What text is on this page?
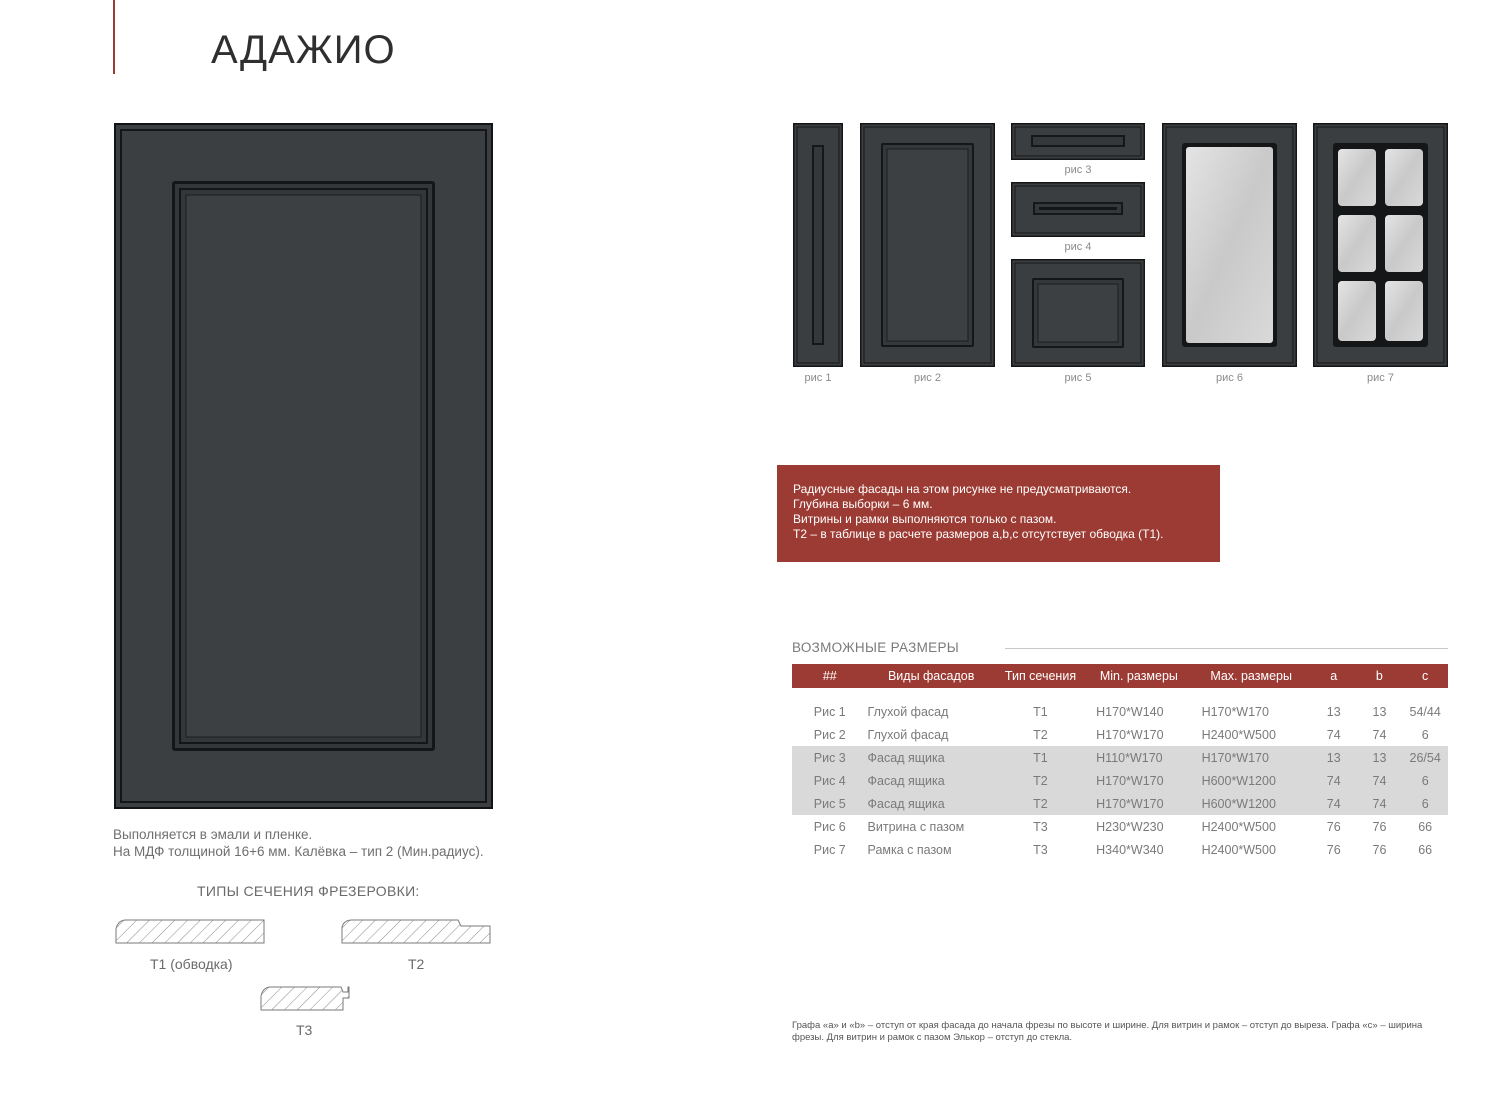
АДАЖИО
Выполняется в эмали и пленке.
На МДФ толщиной 16+6 мм. Калёвка – тип 2 (Мин.радиус).
ТИПЫ СЕЧЕНИЯ ФРЕЗЕРОВКИ:
Т1 (обводка)	Т2
Т3
рис 1	рис 2
рис 3
рис 4
рис 5	рис 6	рис 7
Радиусные фасады на этом рисунке не предусматриваются.
Глубина выборки – 6 мм.
Витрины и рамки выполняются только с пазом.
Т2 – в таблице в расчете размеров a,b,c отсутствует обводка (Т1).
ВОЗМОЖНЫЕ РАЗМЕРЫ
##	Виды фасадов	Тип сечения	Min. размеры	Max. размеры	a	b	c
Рис 1	Глухой фасад	Т1	H170*W140	H170*W170	13	13	54/44
Рис 2	Глухой фасад	Т2	H170*W170	H2400*W500	74	74	6
Рис 3	Фасад ящика	Т1	H110*W170	H170*W170	13	13	26/54
Рис 4	Фасад ящика	Т2	H170*W170	H600*W1200	74	74	6
Рис 5	Фасад ящика	Т2	H170*W170	H600*W1200	74	74	6
Рис 6	Витрина с пазом	Т3	H230*W230	H2400*W500	76	76	66
Рис 7	Рамка с пазом	Т3	H340*W340	H2400*W500	76	76	66
Графа «а» и «b» – отступ от края фасада до начала фрезы по высоте и ширине. Для витрин и рамок – отступ до выреза. Графа «с» – ширина фрезы. Для витрин и рамок с пазом Элькор – отступ до стекла.
